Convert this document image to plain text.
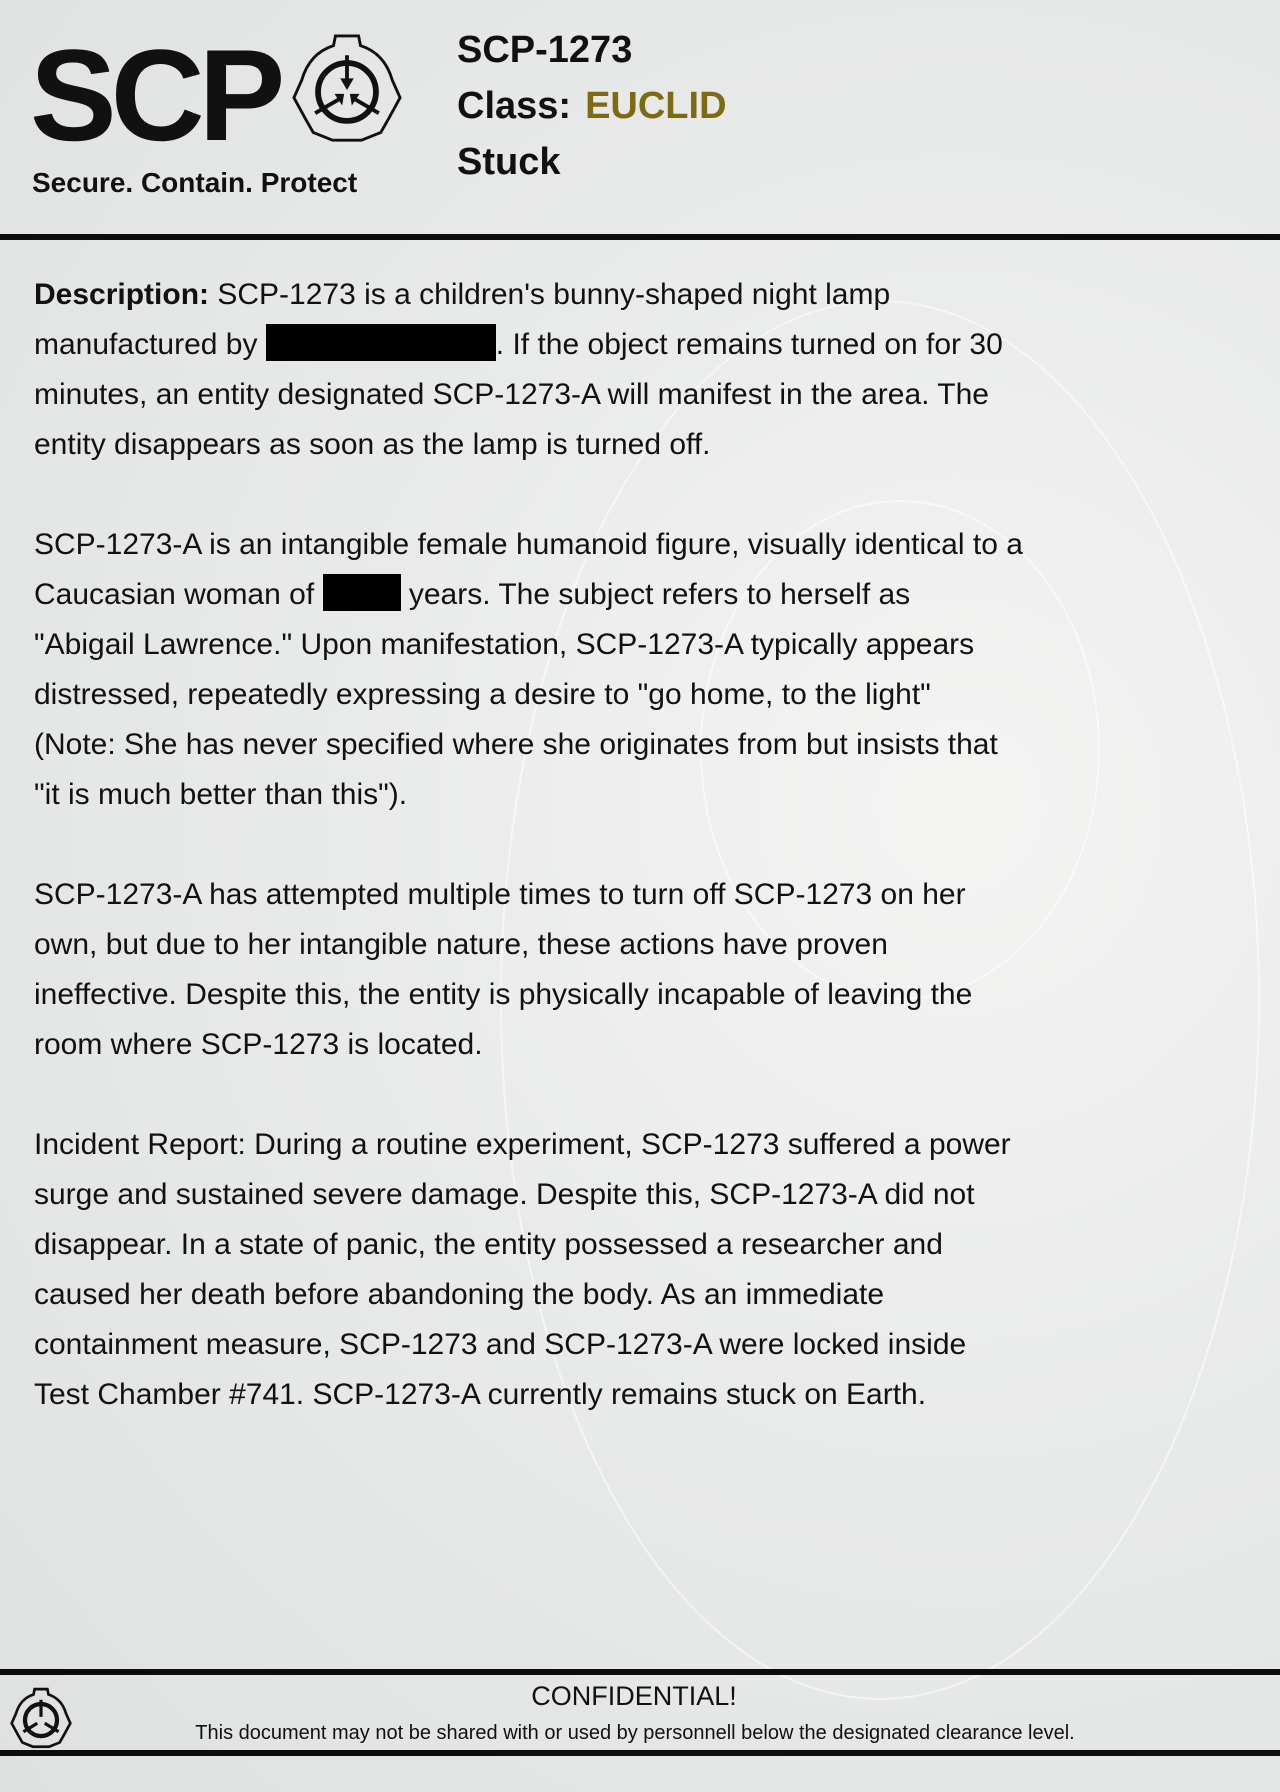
SCP
Secure. Contain. Protect
SCP-1273
Class: EUCLID
Stuck
Description: SCP-1273 is a children's bunny-shaped night lamp
manufactured by	. If the object remains turned on for 30
minutes, an entity designated SCP-1273-A will manifest in the area. The
entity disappears as soon as the lamp is turned off.
SCP-1273-A is an intangible female humanoid figure, visually identical to a
Caucasian woman of	years. The subject refers to herself as
"Abigail Lawrence." Upon manifestation, SCP-1273-A typically appears
distressed, repeatedly expressing a desire to "go home, to the light"
(Note: She has never specified where she originates from but insists that
"it is much better than this").
SCP-1273-A has attempted multiple times to turn off SCP-1273 on her
own, but due to her intangible nature, these actions have proven
ineffective. Despite this, the entity is physically incapable of leaving the
room where SCP-1273 is located.
Incident Report: During a routine experiment, SCP-1273 suffered a power
surge and sustained severe damage. Despite this, SCP-1273-A did not
disappear. In a state of panic, the entity possessed a researcher and
caused her death before abandoning the body. As an immediate
containment measure, SCP-1273 and SCP-1273-A were locked inside
Test Chamber #741. SCP-1273-A currently remains stuck on Earth.
CONFIDENTIAL!
This document may not be shared with or used by personnell below the designated clearance level.
